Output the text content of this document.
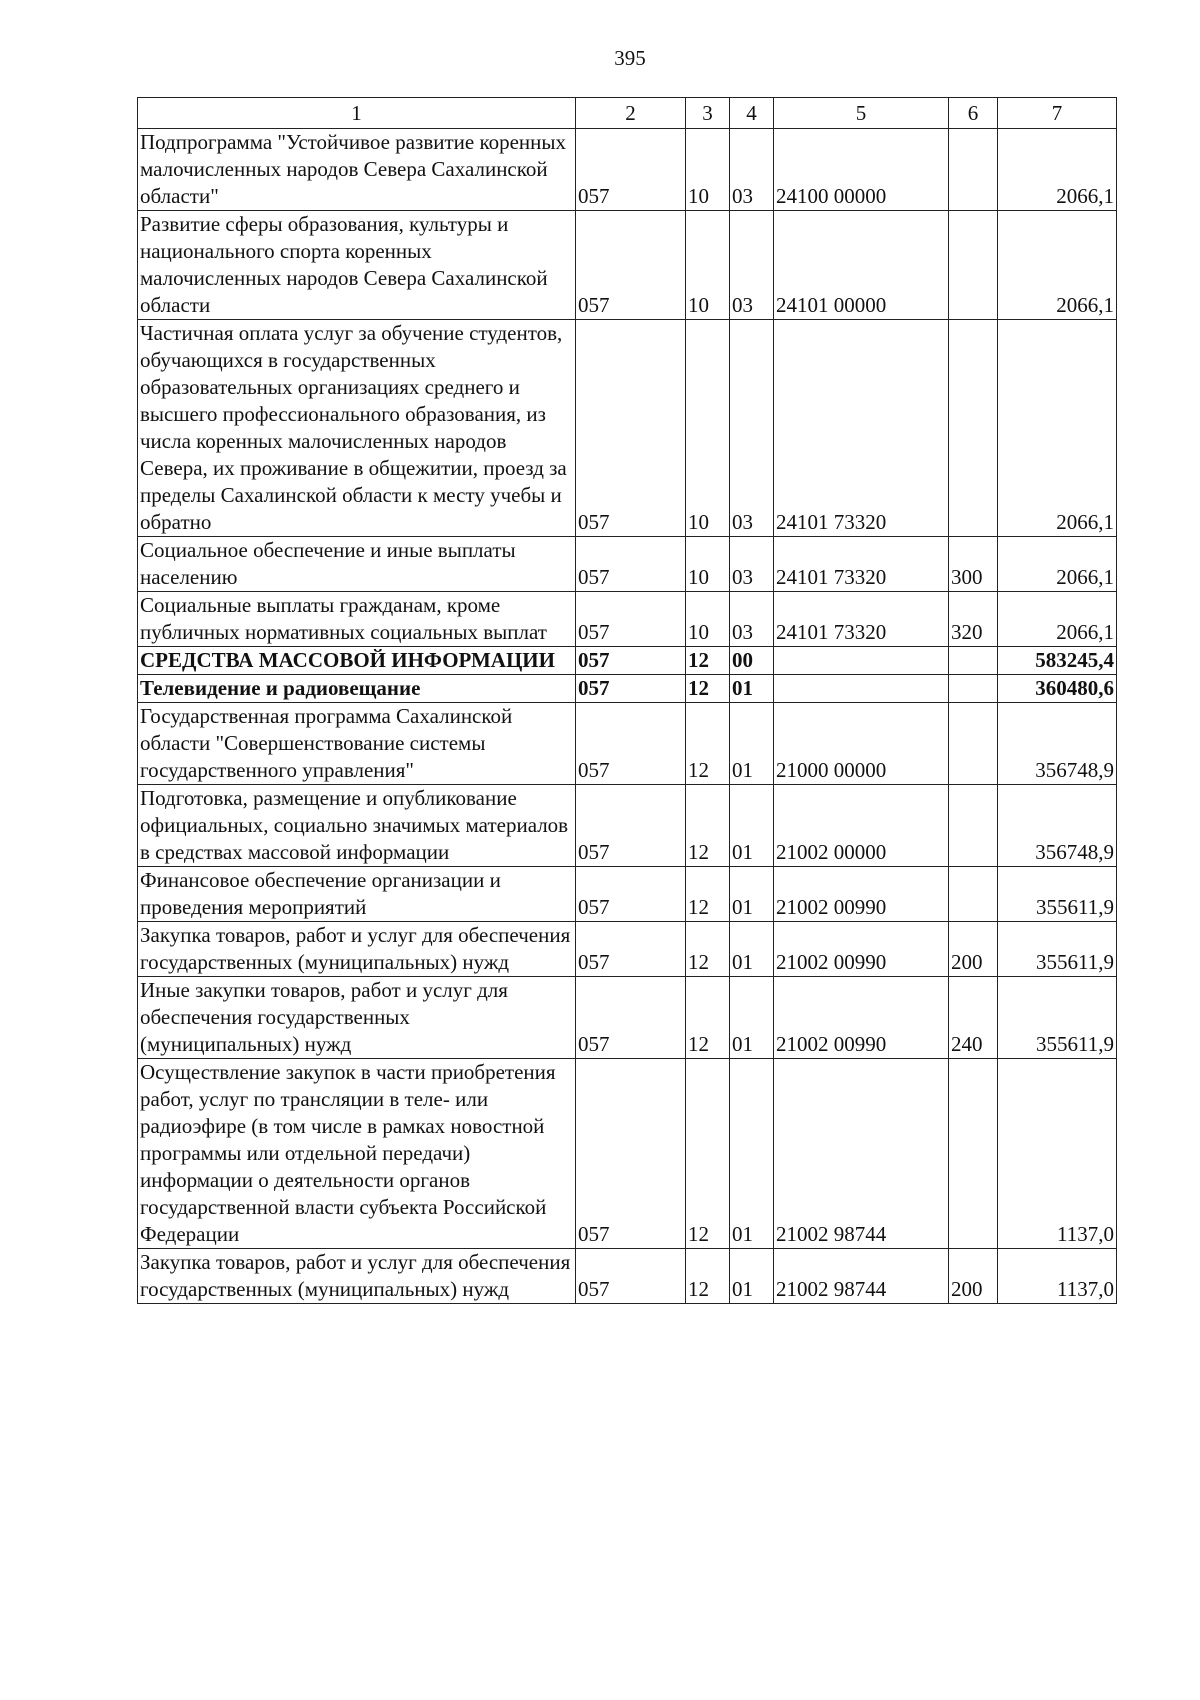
395
1	2	3	4	5	6	7
Подпрограмма "Устойчивое развитие коренных малочисленных народов Севера Сахалинской области"	057	10	03	24100 00000		2066,1
Развитие сферы образования, культуры и национального спорта коренных малочисленных народов Севера Сахалинской области	057	10	03	24101 00000		2066,1
Частичная оплата услуг за обучение студентов, обучающихся в государственных образовательных организациях среднего и высшего профессионального образования, из числа коренных малочисленных народов Севера, их проживание в общежитии, проезд за пределы Сахалинской области к месту учебы и обратно	057	10	03	24101 73320		2066,1
Социальное обеспечение и иные выплаты населению	057	10	03	24101 73320	300	2066,1
Социальные выплаты гражданам, кроме публичных нормативных социальных выплат	057	10	03	24101 73320	320	2066,1
СРЕДСТВА МАССОВОЙ ИНФОРМАЦИИ	057	12	00			583245,4
Телевидение и радиовещание	057	12	01			360480,6
Государственная программа Сахалинской области "Совершенствование системы государственного управления"	057	12	01	21000 00000		356748,9
Подготовка, размещение и опубликование официальных, социально значимых материалов в средствах массовой информации	057	12	01	21002 00000		356748,9
Финансовое обеспечение организации и проведения мероприятий	057	12	01	21002 00990		355611,9
Закупка товаров, работ и услуг для обеспечения государственных (муниципальных) нужд	057	12	01	21002 00990	200	355611,9
Иные закупки товаров, работ и услуг для обеспечения государственных (муниципальных) нужд	057	12	01	21002 00990	240	355611,9
Осуществление закупок в части приобретения работ, услуг по трансляции в теле- или радиоэфире (в том числе в рамках новостной программы или отдельной передачи) информации о деятельности органов государственной власти субъекта Российской Федерации	057	12	01	21002 98744		1137,0
Закупка товаров, работ и услуг для обеспечения государственных (муниципальных) нужд	057	12	01	21002 98744	200	1137,0
